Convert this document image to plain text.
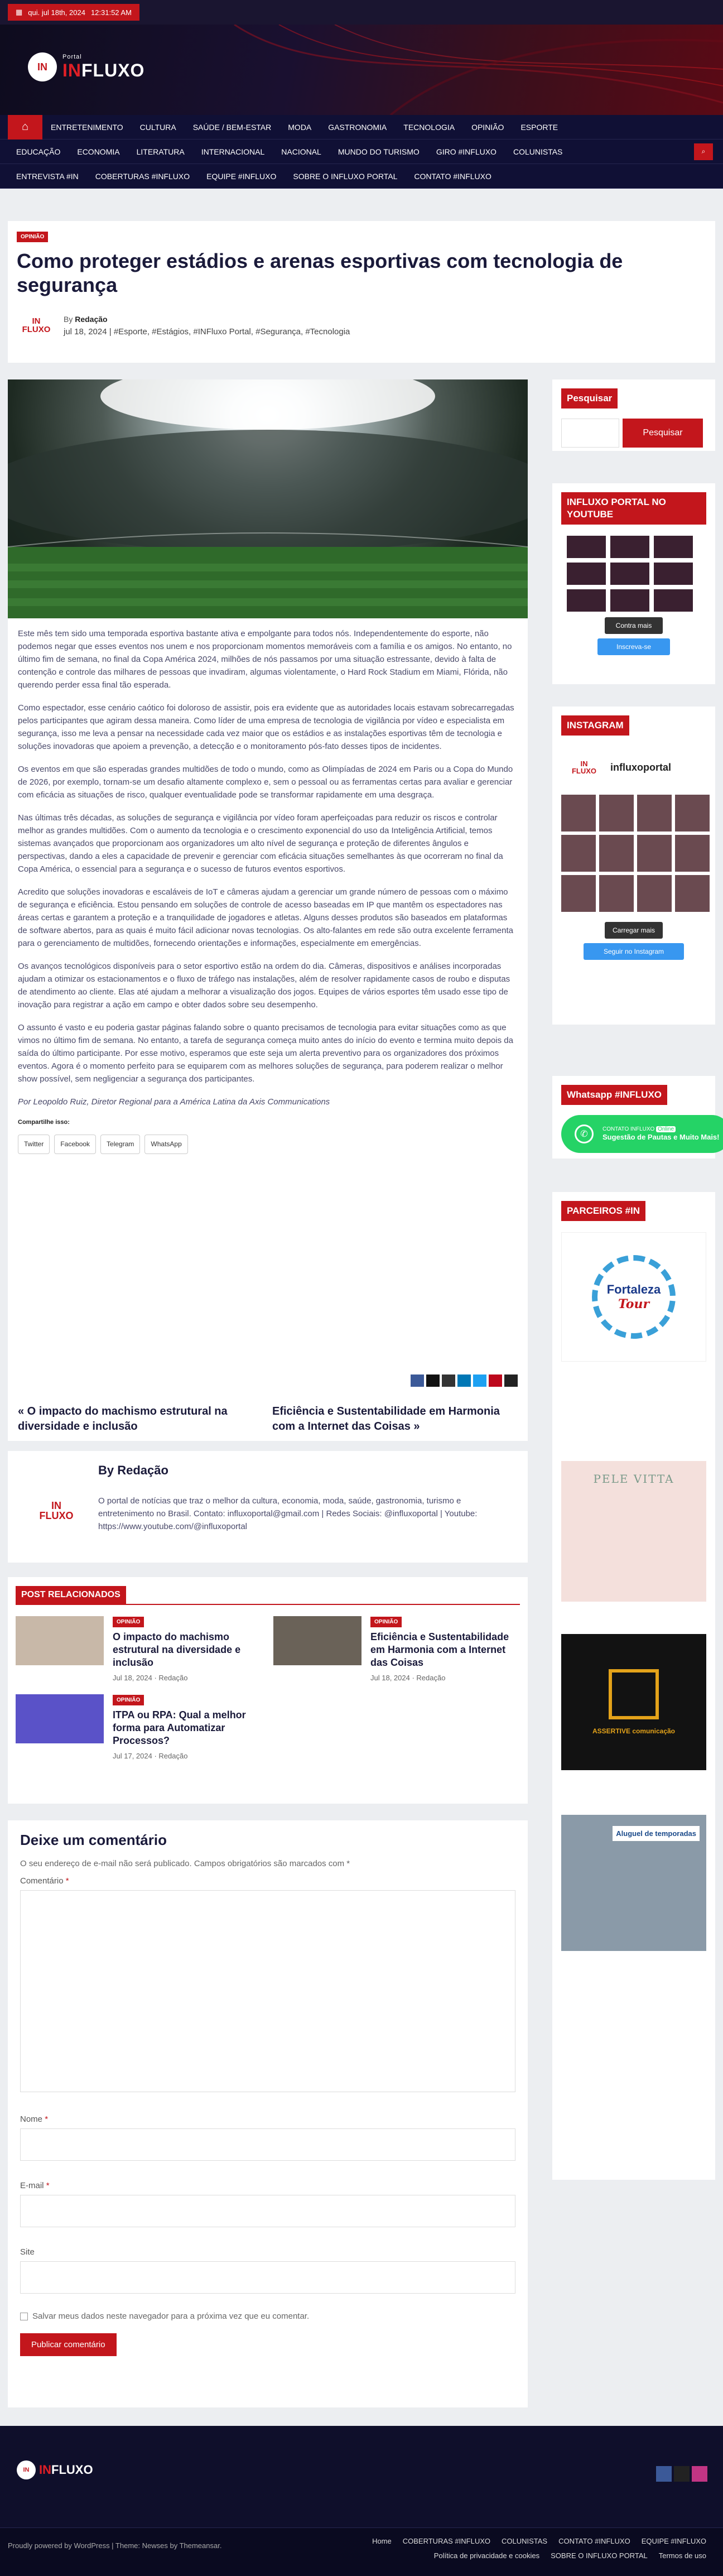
▦ qui. jul 18th, 2024 12:31:52 AM
IN
Portal
INFLUXO
⌂	ENTRETENIMENTO	CULTURA	SAÚDE / BEM-ESTAR	MODA	GASTRONOMIA	TECNOLOGIA	OPINIÃO	ESPORTE
EDUCAÇÃO	ECONOMIA	LITERATURA	INTERNACIONAL	NACIONAL	MUNDO DO TURISMO	GIRO #INFLUXO	COLUNISTAS	⌕
ENTREVISTA #IN	COBERTURAS #INFLUXO	EQUIPE #INFLUXO	SOBRE O INFLUXO PORTAL	CONTATO #INFLUXO
OPINIÃO
Como proteger estádios e arenas esportivas com tecnologia de segurança
IN
FLUXO
By Redação
jul 18, 2024 | #Esporte, #Estágios, #INFluxo Portal, #Segurança, #Tecnologia

Este mês tem sido uma temporada esportiva bastante ativa e empolgante para todos nós. Independentemente do esporte, não podemos negar que esses eventos nos unem e nos proporcionam momentos memoráveis com a família e os amigos. No entanto, no último fim de semana, no final da Copa América 2024, milhões de nós passamos por uma situação estressante, devido à falta de contenção e controle das milhares de pessoas que invadiram, algumas violentamente, o Hard Rock Stadium em Miami, Flórida, não querendo perder essa final tão esperada.

Como espectador, esse cenário caótico foi doloroso de assistir, pois era evidente que as autoridades locais estavam sobrecarregadas pelos participantes que agiram dessa maneira. Como líder de uma empresa de tecnologia de vigilância por vídeo e especialista em segurança, isso me leva a pensar na necessidade cada vez maior que os estádios e as instalações esportivas têm de tecnologia e soluções inovadoras que apoiem a prevenção, a detecção e o monitoramento pós-fato desses tipos de incidentes.

Os eventos em que são esperadas grandes multidões de todo o mundo, como as Olimpíadas de 2024 em Paris ou a Copa do Mundo de 2026, por exemplo, tornam-se um desafio altamente complexo e, sem o pessoal ou as ferramentas certas para avaliar e gerenciar com eficácia as situações de risco, qualquer eventualidade pode se transformar rapidamente em uma desgraça.

Nas últimas três décadas, as soluções de segurança e vigilância por vídeo foram aperfeiçoadas para reduzir os riscos e controlar melhor as grandes multidões. Com o aumento da tecnologia e o crescimento exponencial do uso da Inteligência Artificial, temos sistemas avançados que proporcionam aos organizadores um alto nível de segurança e proteção de diferentes ângulos e perspectivas, dando a eles a capacidade de prevenir e gerenciar com eficácia situações semelhantes às que ocorreram no final da Copa América, o essencial para a segurança e o sucesso de futuros eventos esportivos.

Acredito que soluções inovadoras e escaláveis de IoT e câmeras ajudam a gerenciar um grande número de pessoas com o máximo de segurança e eficiência. Estou pensando em soluções de controle de acesso baseadas em IP que mantêm os espectadores nas áreas certas e garantem a proteção e a tranquilidade de jogadores e atletas. Alguns desses produtos são baseados em plataformas de software abertos, para as quais é muito fácil adicionar novas tecnologias. Os alto-falantes em rede são outra excelente ferramenta para o gerenciamento de multidões, fornecendo orientações e informações, especialmente em emergências.

Os avanços tecnológicos disponíveis para o setor esportivo estão na ordem do dia. Câmeras, dispositivos e análises incorporadas ajudam a otimizar os estacionamentos e o fluxo de tráfego nas instalações, além de resolver rapidamente casos de roubo e disputas de atendimento ao cliente. Elas até ajudam a melhorar a visualização dos jogos. Equipes de vários esportes têm usado esse tipo de inovação para registrar a ação em campo e obter dados sobre seu desempenho.

O assunto é vasto e eu poderia gastar páginas falando sobre o quanto precisamos de tecnologia para evitar situações como as que vimos no último fim de semana. No entanto, a tarefa de segurança começa muito antes do início do evento e termina muito depois da saída do último participante. Por esse motivo, esperamos que este seja um alerta preventivo para os organizadores dos próximos eventos. Agora é o momento perfeito para se equiparem com as melhores soluções de segurança, para poderem realizar o melhor show possível, sem negligenciar a segurança dos participantes.

Por Leopoldo Ruiz, Diretor Regional para a América Latina da Axis Communications

Compartilhe isso:
Twitter	Facebook	Telegram	WhatsApp
« O impacto do machismo estrutural na diversidade e inclusão
Eficiência e Sustentabilidade em Harmonia com a Internet das Coisas »
IN
FLUXO
By Redação

O portal de notícias que traz o melhor da cultura, economia, moda, saúde, gastronomia, turismo e entretenimento no Brasil. Contato: influxoportal@gmail.com | Redes Sociais: @influxoportal | Youtube: https://www.youtube.com/@influxoportal

POST RELACIONADOS
OPINIÃO
O impacto do machismo estrutural na diversidade e inclusão
Jul 18, 2024 · Redação
OPINIÃO
Eficiência e Sustentabilidade em Harmonia com a Internet das Coisas
Jul 18, 2024 · Redação
OPINIÃO
ITPA ou RPA: Qual a melhor forma para Automatizar Processos?
Jul 17, 2024 · Redação
Deixe um comentário
O seu endereço de e-mail não será publicado. Campos obrigatórios são marcados com *
Comentário *
Nome *
E-mail *
Site
Salvar meus dados neste navegador para a próxima vez que eu comentar.
Publicar comentário
Pesquisar
Pesquisar
INFLUXO PORTAL NO YOUTUBE
Contra mais
Inscreva-se
INSTAGRAM
IN
FLUXO	influxoportal
Carregar mais
Seguir no Instagram
Whatsapp #INFLUXO
✆
CONTATO INFLUXO Online
Sugestão de Pautas e Muito Mais!
PARCEIROS #IN
Fortaleza
Tour
PELE VITTA
ASSERTIVE comunicação
Aluguel de temporadas
IN INFLUXO
Proudly powered by WordPress | Theme: Newses by Themeansar.
Home COBERTURAS #INFLUXO COLUNISTAS CONTATO #INFLUXO EQUIPE #INFLUXO
Política de privacidade e cookies SOBRE O INFLUXO PORTAL Termos de uso
